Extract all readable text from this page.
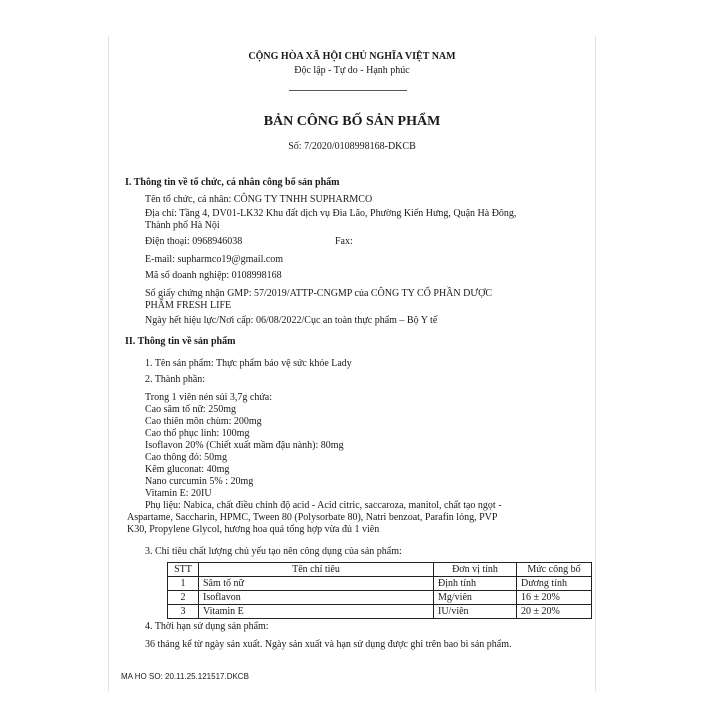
CỘNG HÒA XÃ HỘI CHỦ NGHĨA VIỆT NAM
Độc lập - Tự do - Hạnh phúc
BẢN CÔNG BỐ SẢN PHẨM
Số: 7/2020/0108998168-DKCB
I. Thông tin về tổ chức, cá nhân công bố sản phẩm
Tên tổ chức, cá nhân: CÔNG TY TNHH SUPHARMCO
Địa chỉ: Tầng 4, DV01-LK32 Khu đất dịch vụ Đìa Lão, Phường Kiến Hưng, Quận Hà Đông,
Thành phố Hà Nội
Điện thoại: 0968946038	Fax:
E-mail: supharmco19@gmail.com
Mã số doanh nghiệp: 0108998168
Số giấy chứng nhận GMP: 57/2019/ATTP-CNGMP của CÔNG TY CỔ PHẦN DƯỢC
PHẨM FRESH LIFE
Ngày hết hiệu lực/Nơi cấp: 06/08/2022/Cục an toàn thực phẩm – Bộ Y tế
II. Thông tin về sản phẩm
1. Tên sản phẩm: Thực phẩm bảo vệ sức khỏe Lady
2. Thành phần:
Trong 1 viên nén sủi 3,7g chứa:
Cao sâm tố nữ: 250mg
Cao thiên môn chùm: 200mg
Cao thổ phục linh: 100mg
Isoflavon 20% (Chiết xuất mầm đậu nành): 80mg
Cao thông đỏ: 50mg
Kẽm gluconat: 40mg
Nano curcumin 5% : 20mg
Vitamin E: 20IU
Phụ liệu: Nabica, chất điều chỉnh độ acid - Acid citric, saccaroza, manitol, chất tạo ngọt -
Aspartame, Saccharin, HPMC, Tween 80 (Polysorbate 80), Natri benzoat, Parafin lỏng, PVP
K30, Propylene Glycol, hương hoa quả tổng hợp vừa đủ 1 viên
3. Chỉ tiêu chất lượng chủ yếu tạo nên công dụng của sản phẩm:
STT	Tên chỉ tiêu	Đơn vị tính	Mức công bố
1	Sâm tố nữ	Định tính	Dương tính
2	Isoflavon	Mg/viên	16 ± 20%
3	Vitamin E	IU/viên	20 ± 20%
4. Thời hạn sử dụng sản phẩm:
36 tháng kể từ ngày sản xuất. Ngày sản xuất và hạn sử dụng được ghi trên bao bì sản phẩm.
MA HO SO: 20.11.25.121517.DKCB
